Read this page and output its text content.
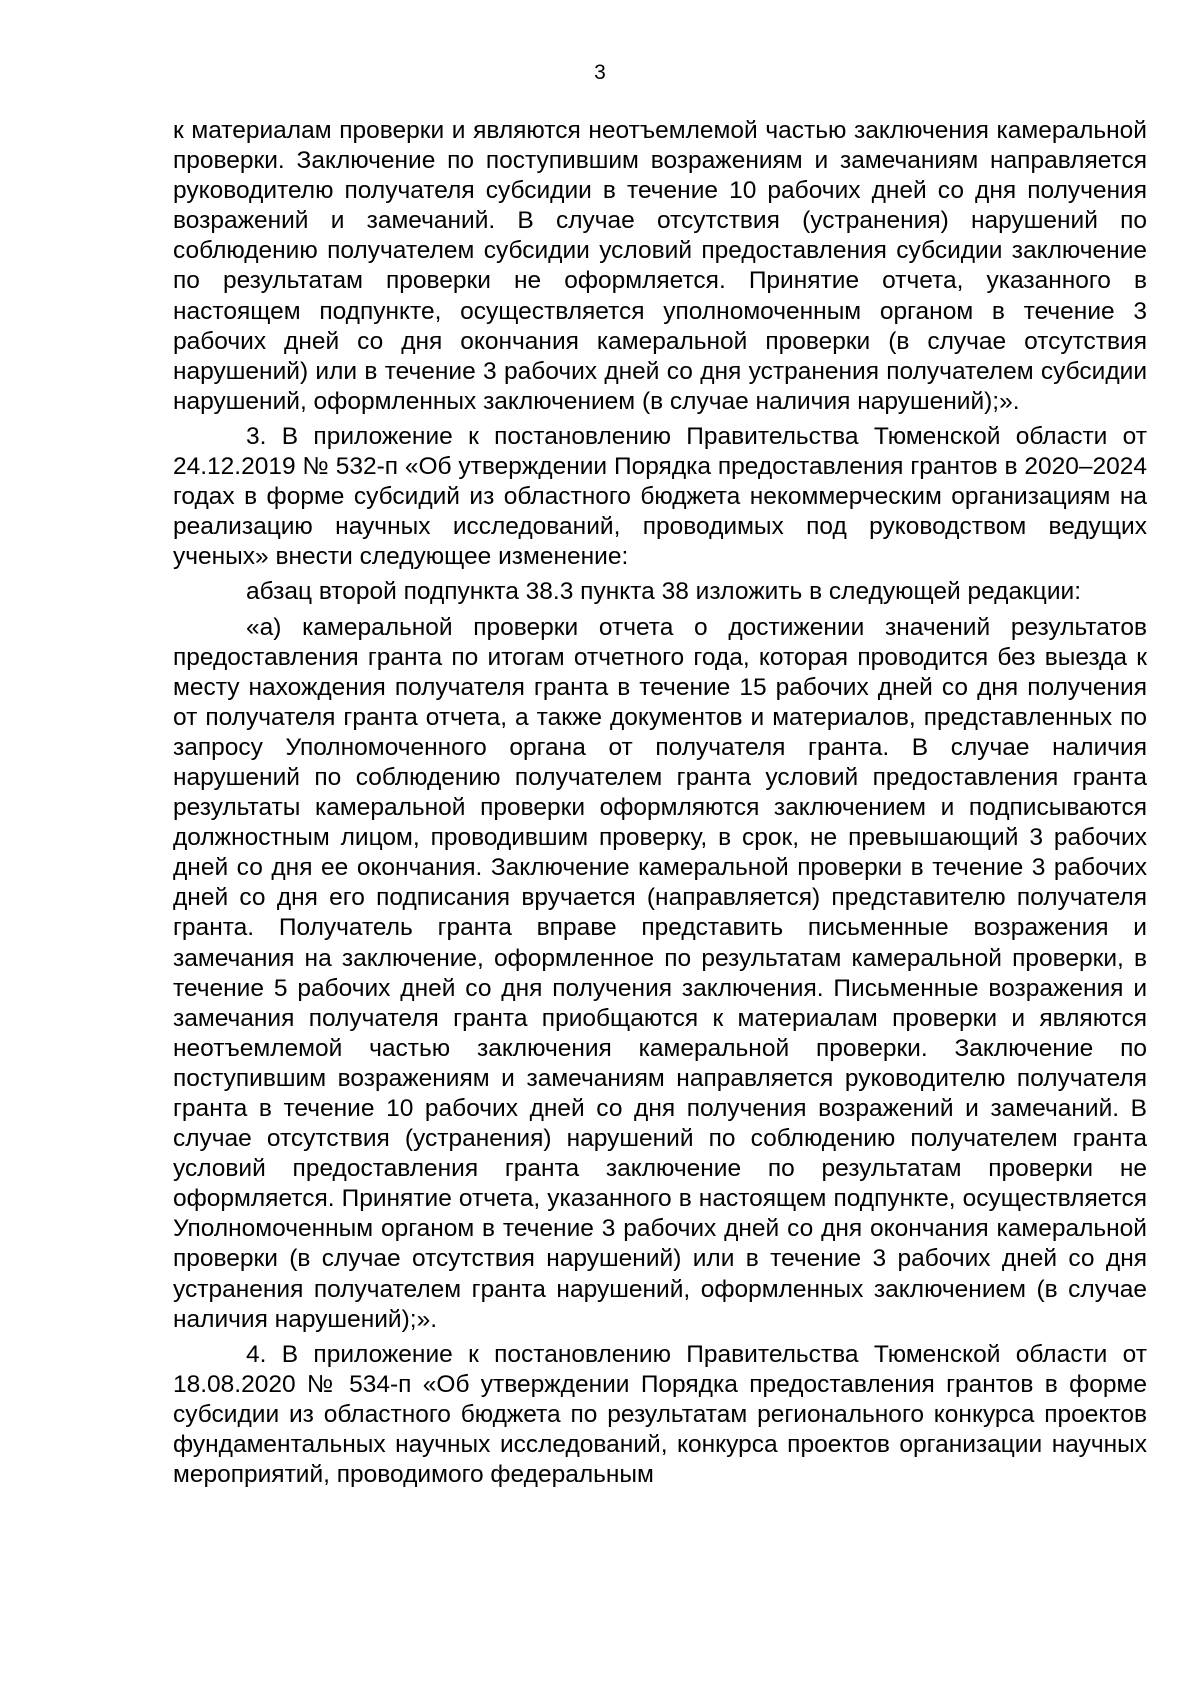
3

к материалам проверки и являются неотъемлемой частью заключения камеральной проверки. Заключение по поступившим возражениям и замечаниям направляется руководителю получателя субсидии в течение 10 рабочих дней со дня получения возражений и замечаний. В случае отсутствия (устранения) нарушений по соблюдению получателем субсидии условий предоставления субсидии заключение по результатам проверки не оформляется. Принятие отчета, указанного в настоящем подпункте, осуществляется уполномоченным органом в течение 3 рабочих дней со дня окончания камеральной проверки (в случае отсутствия нарушений) или в течение 3 рабочих дней со дня устранения получателем субсидии нарушений, оформленных заключением (в случае наличия нарушений);».

3. В приложение к постановлению Правительства Тюменской области от 24.12.2019 № 532-п «Об утверждении Порядка предоставления грантов в 2020–2024 годах в форме субсидий из областного бюджета некоммерческим организациям на реализацию научных исследований, проводимых под руководством ведущих ученых» внести следующее изменение:

абзац второй подпункта 38.3 пункта 38 изложить в следующей редакции:

«а) камеральной проверки отчета о достижении значений результатов предоставления гранта по итогам отчетного года, которая проводится без выезда к месту нахождения получателя гранта в течение 15 рабочих дней со дня получения от получателя гранта отчета, а также документов и материалов, представленных по запросу Уполномоченного органа от получателя гранта. В случае наличия нарушений по соблюдению получателем гранта условий предоставления гранта результаты камеральной проверки оформляются заключением и подписываются должностным лицом, проводившим проверку, в срок, не превышающий 3 рабочих дней со дня ее окончания. Заключение камеральной проверки в течение 3 рабочих дней со дня его подписания вручается (направляется) представителю получателя гранта. Получатель гранта вправе представить письменные возражения и замечания на заключение, оформленное по результатам камеральной проверки, в течение 5 рабочих дней со дня получения заключения. Письменные возражения и замечания получателя гранта приобщаются к материалам проверки и являются неотъемлемой частью заключения камеральной проверки. Заключение по поступившим возражениям и замечаниям направляется руководителю получателя гранта в течение 10 рабочих дней со дня получения возражений и замечаний. В случае отсутствия (устранения) нарушений по соблюдению получателем гранта условий предоставления гранта заключение по результатам проверки не оформляется. Принятие отчета, указанного в настоящем подпункте, осуществляется Уполномоченным органом в течение 3 рабочих дней со дня окончания камеральной проверки (в случае отсутствия нарушений) или в течение 3 рабочих дней со дня устранения получателем гранта нарушений, оформленных заключением (в случае наличия нарушений);».

4. В приложение к постановлению Правительства Тюменской области от 18.08.2020 № 534-п «Об утверждении Порядка предоставления грантов в форме субсидии из областного бюджета по результатам регионального конкурса проектов фундаментальных научных исследований, конкурса проектов организации научных мероприятий, проводимого федеральным
